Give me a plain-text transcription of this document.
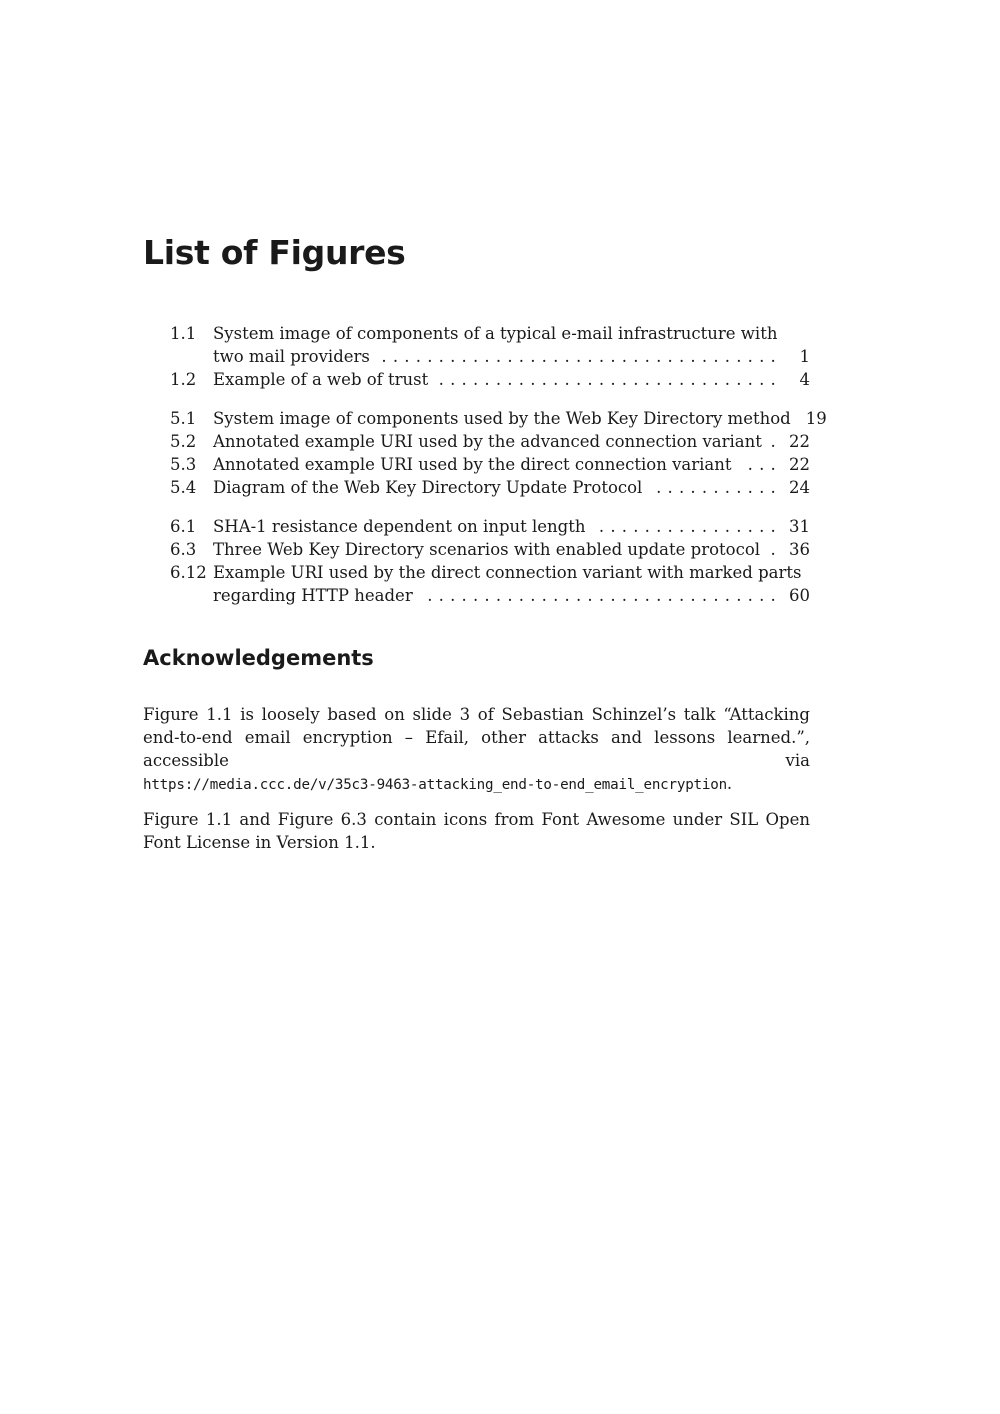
List of Figures
1.1	System image of components of a typical e-mail infrastructure with
two mail providers ...................................	1
1.2	Example of a web of trust ..............................	4
5.1	System image of components used by the Web Key Directory method 19
5.2	Annotated example URI used by the advanced connection variant . 22
5.3	Annotated example URI used by the direct connection variant ... 22
5.4	Diagram of the Web Key Directory Update Protocol ........... 24
6.1	SHA-1 resistance dependent on input length ................ 31
6.3	Three Web Key Directory scenarios with enabled update protocol . 36
6.12 Example URI used by the direct connection variant with marked parts
regarding HTTP header ............................... 60
Acknowledgements

Figure 1.1 is loosely based on slide 3 of Sebastian Schinzel’s talk “Attacking end-to-end email encryption – Efail, other attacks and lessons learned.”, accessible via https://media.ccc.de/v/35c3-9463-attacking_end-to-end_email_encryption.

Figure 1.1 and Figure 6.3 contain icons from Font Awesome under SIL Open Font License in Version 1.1.
